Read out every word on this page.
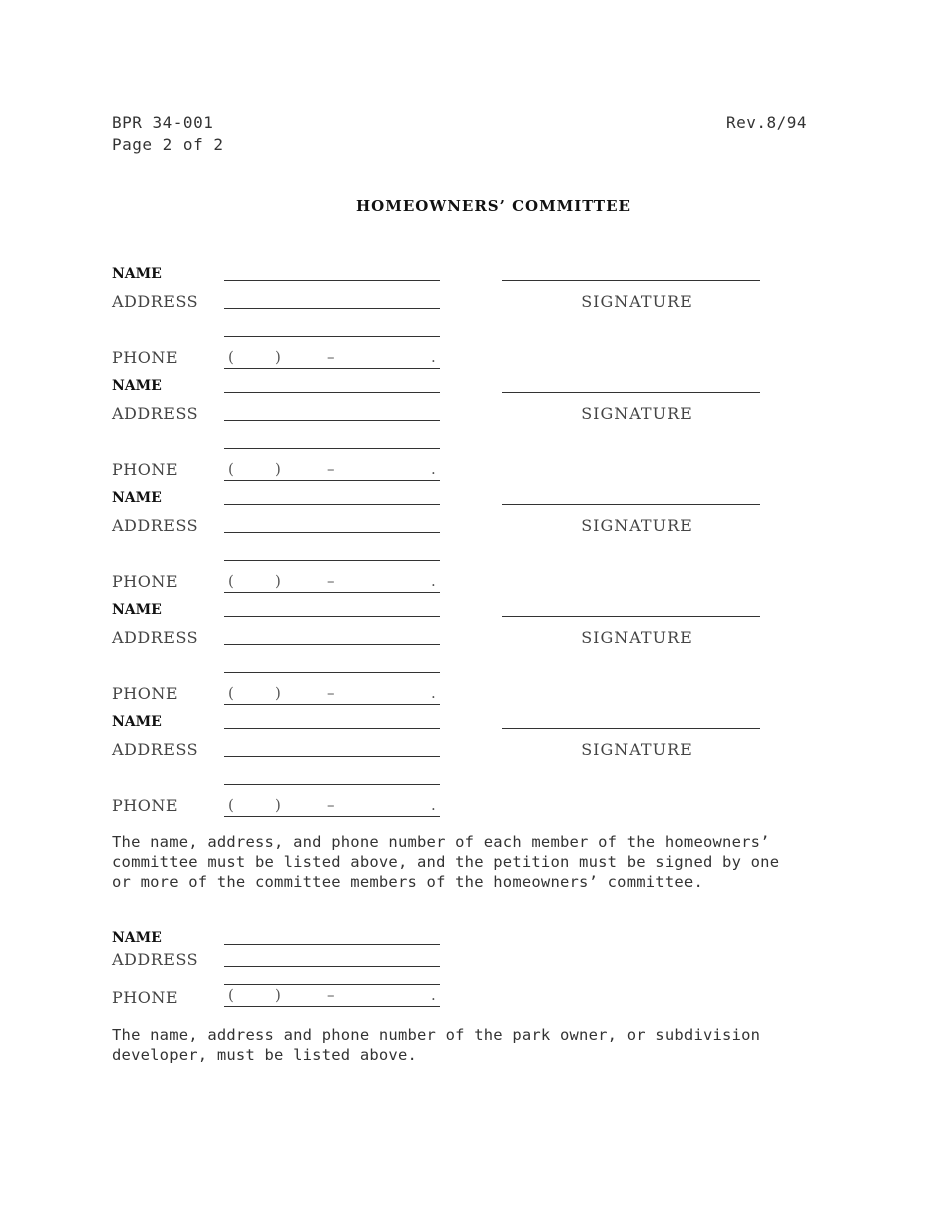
BPR 34-001
Page 2 of 2
Rev.8/94
HOMEOWNERS’ COMMITTEE
NAME
ADDRESS	SIGNATURE
PHONE	(	)	–	.
NAME
ADDRESS	SIGNATURE
PHONE	(	)	–	.
NAME
ADDRESS	SIGNATURE
PHONE	(	)	–	.
NAME
ADDRESS	SIGNATURE
PHONE	(	)	–	.
NAME
ADDRESS	SIGNATURE
PHONE	(	)	–	.
The name, address, and phone number of each member of the homeowners’
committee must be listed above, and the petition must be signed by one
or more of the committee members of the homeowners’ committee.
NAME
ADDRESS
PHONE	(	)	–	.
The name, address and phone number of the park owner, or subdivision
developer, must be listed above.
